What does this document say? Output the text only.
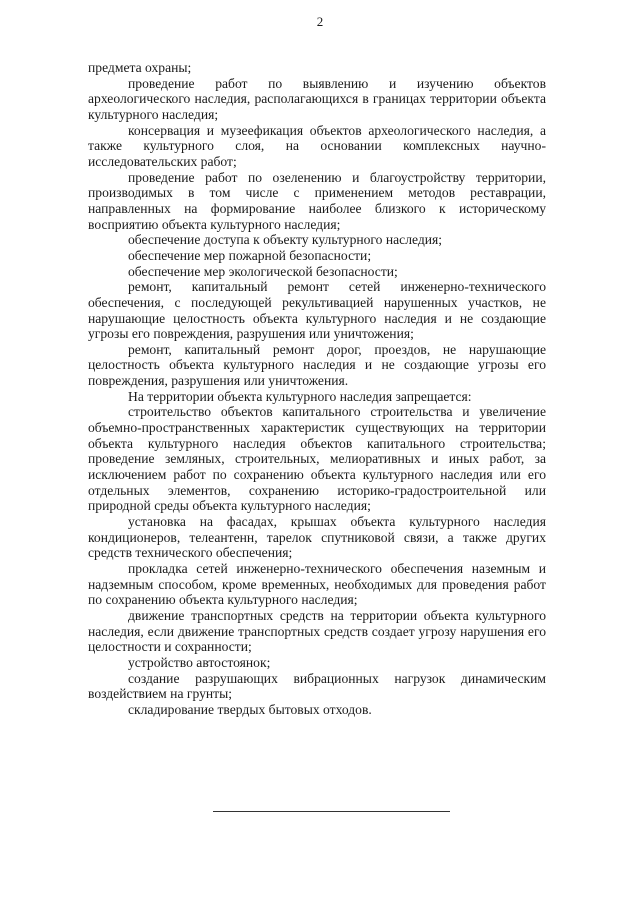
2

предмета охраны;

проведение работ по выявлению и изучению объектов археологического наследия, располагающихся в границах территории объекта культурного наследия;

консервация и музеефикация объектов археологического наследия, а также культурного слоя, на основании комплексных научно-исследовательских работ;

проведение работ по озеленению и благоустройству территории, производимых в том числе с применением методов реставрации, направленных на формирование наиболее близкого к историческому восприятию объекта культурного наследия;

обеспечение доступа к объекту культурного наследия;

обеспечение мер пожарной безопасности;

обеспечение мер экологической безопасности;

ремонт, капитальный ремонт сетей инженерно-технического обеспечения, с последующей рекультивацией нарушенных участков, не нарушающие целостность объекта культурного наследия и не создающие угрозы его повреждения, разрушения или уничтожения;

ремонт, капитальный ремонт дорог, проездов, не нарушающие целостность объекта культурного наследия и не создающие угрозы его повреждения, разрушения или уничтожения.

На территории объекта культурного наследия запрещается:

строительство объектов капитального строительства и увеличение объемно-пространственных характеристик существующих на территории объекта культурного наследия объектов капитального строительства; проведение земляных, строительных, мелиоративных и иных работ, за исключением работ по сохранению объекта культурного наследия или его отдельных элементов, сохранению историко-градостроительной или природной среды объекта культурного наследия;

установка на фасадах, крышах объекта культурного наследия кондиционеров, телеантенн, тарелок спутниковой связи, а также других средств технического обеспечения;

прокладка сетей инженерно-технического обеспечения наземным и надземным способом, кроме временных, необходимых для проведения работ по сохранению объекта культурного наследия;

движение транспортных средств на территории объекта культурного наследия, если движение транспортных средств создает угрозу нарушения его целостности и сохранности;

устройство автостоянок;

создание разрушающих вибрационных нагрузок динамическим воздействием на грунты;

складирование твердых бытовых отходов.
